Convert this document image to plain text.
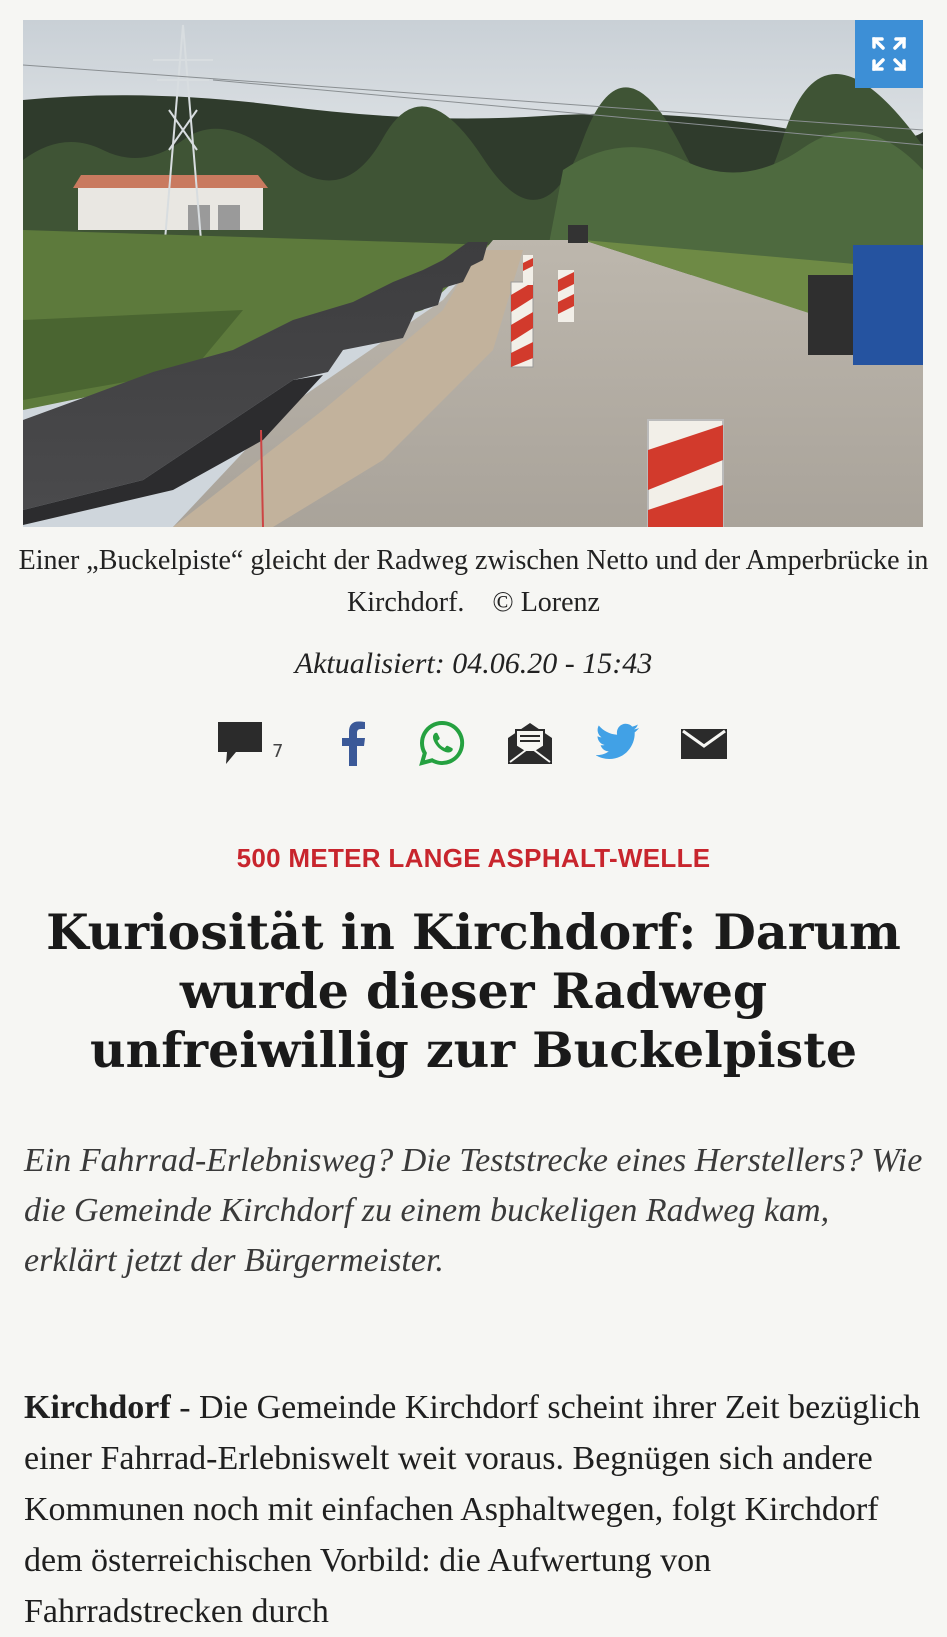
Einer „Buckelpiste“ gleicht der Radweg zwischen Netto und der Amperbrücke in Kirchdorf. © Lorenz
Aktualisiert: 04.06.20 - 15:43
7
500 METER LANGE ASPHALT-WELLE
Kuriosität in Kirchdorf: Darum wurde dieser Radweg unfreiwillig zur Buckelpiste

Ein Fahrrad-Erlebnisweg? Die Teststrecke eines Herstellers? Wie die Gemeinde Kirchdorf zu einem buckeligen Radweg kam, erklärt jetzt der Bürgermeister.

Kirchdorf - Die Gemeinde Kirchdorf scheint ihrer Zeit bezüglich einer Fahrrad-Erlebniswelt weit voraus. Begnügen sich andere Kommunen noch mit einfachen Asphaltwegen, folgt Kirchdorf dem österreichischen Vorbild: die Aufwertung von Fahrradstrecken durch
